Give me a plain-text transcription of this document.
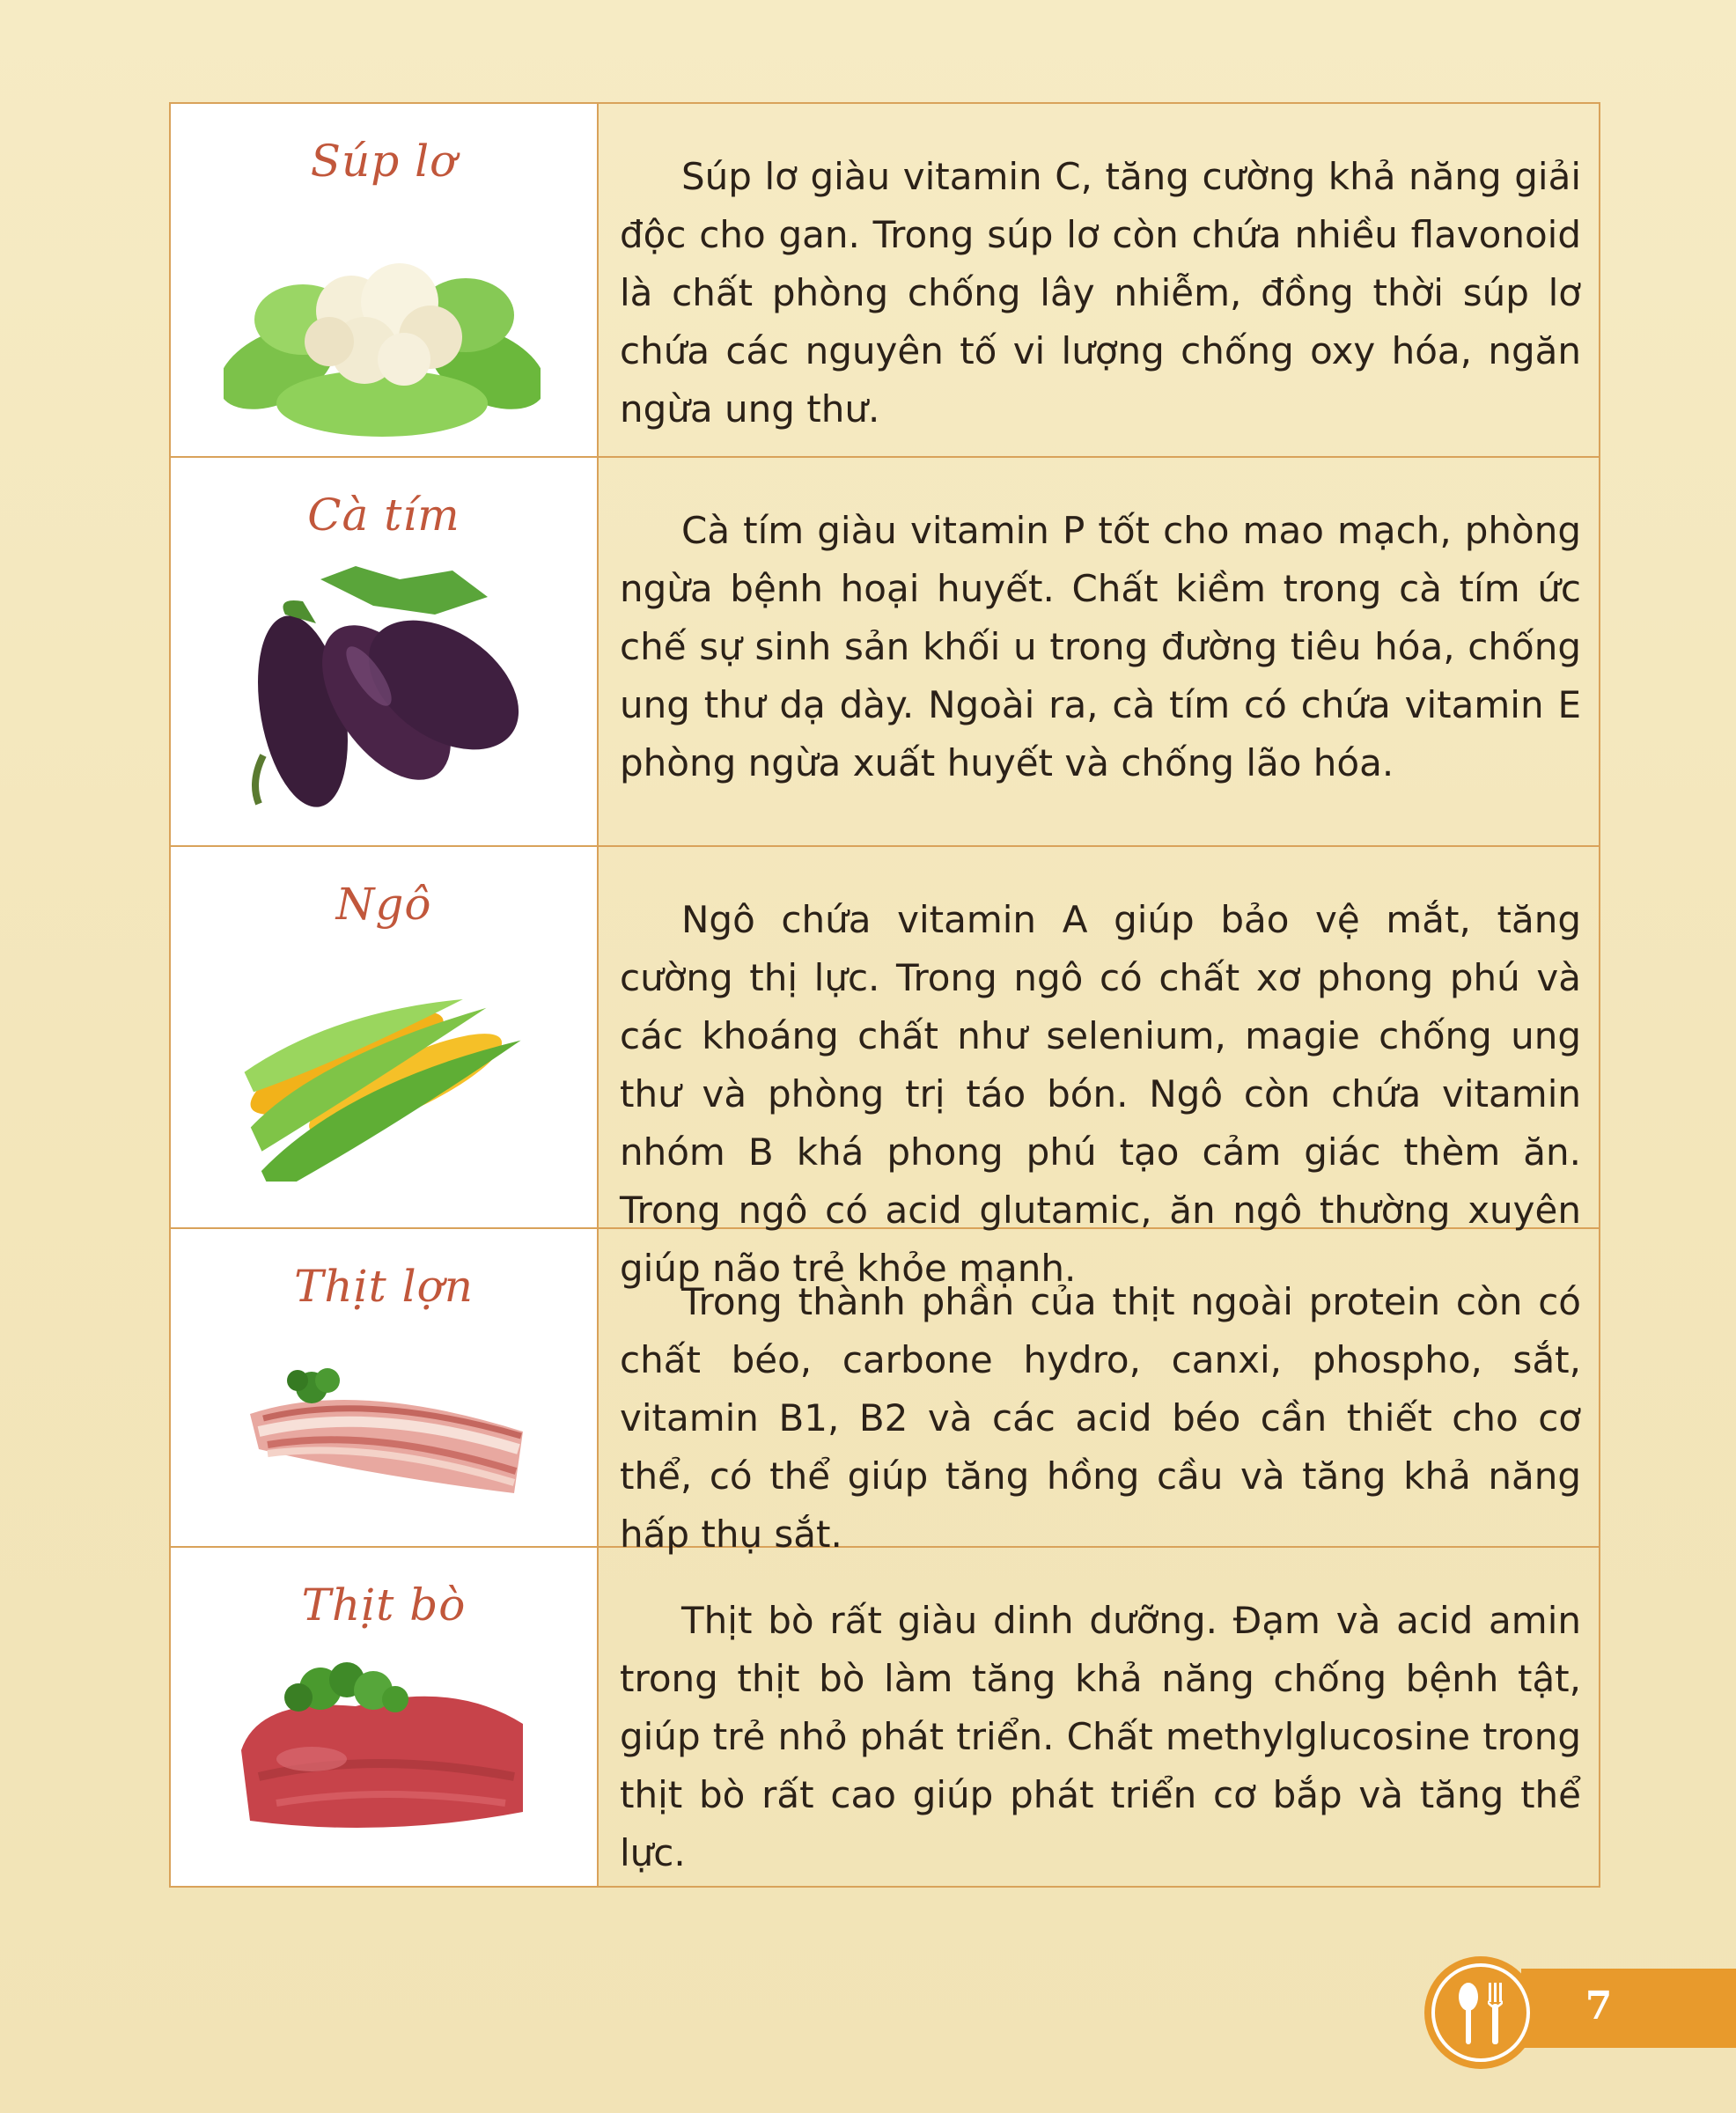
Súp lơ	Súp lơ giàu vitamin C, tăng cường khả năng giải độc cho gan. Trong súp lơ còn chứa nhiều flavonoid là chất phòng chống lây nhiễm, đồng thời súp lơ chứa các nguyên tố vi lượng chống oxy hóa, ngăn ngừa ung thư.

Cà tím	Cà tím giàu vitamin P tốt cho mao mạch, phòng ngừa bệnh hoại huyết. Chất kiềm trong cà tím ức chế sự sinh sản khối u trong đường tiêu hóa, chống ung thư dạ dày. Ngoài ra, cà tím có chứa vitamin E phòng ngừa xuất huyết và chống lão hóa.

Ngô	Ngô chứa vitamin A giúp bảo vệ mắt, tăng cường thị lực. Trong ngô có chất xơ phong phú và các khoáng chất như selenium, magie chống ung thư và phòng trị táo bón. Ngô còn chứa vitamin nhóm B khá phong phú tạo cảm giác thèm ăn. Trong ngô có acid glutamic, ăn ngô thường xuyên giúp não trẻ khỏe mạnh.

Thịt lợn	Trong thành phần của thịt ngoài protein còn có chất béo, carbone hydro, canxi, phospho, sắt, vitamin B1, B2 và các acid béo cần thiết cho cơ thể, có thể giúp tăng hồng cầu và tăng khả năng hấp thụ sắt.

Thịt bò	Thịt bò rất giàu dinh dưỡng. Đạm và acid amin trong thịt bò làm tăng khả năng chống bệnh tật, giúp trẻ nhỏ phát triển. Chất methylglucosine trong thịt bò rất cao giúp phát triển cơ bắp và tăng thể lực.

7
